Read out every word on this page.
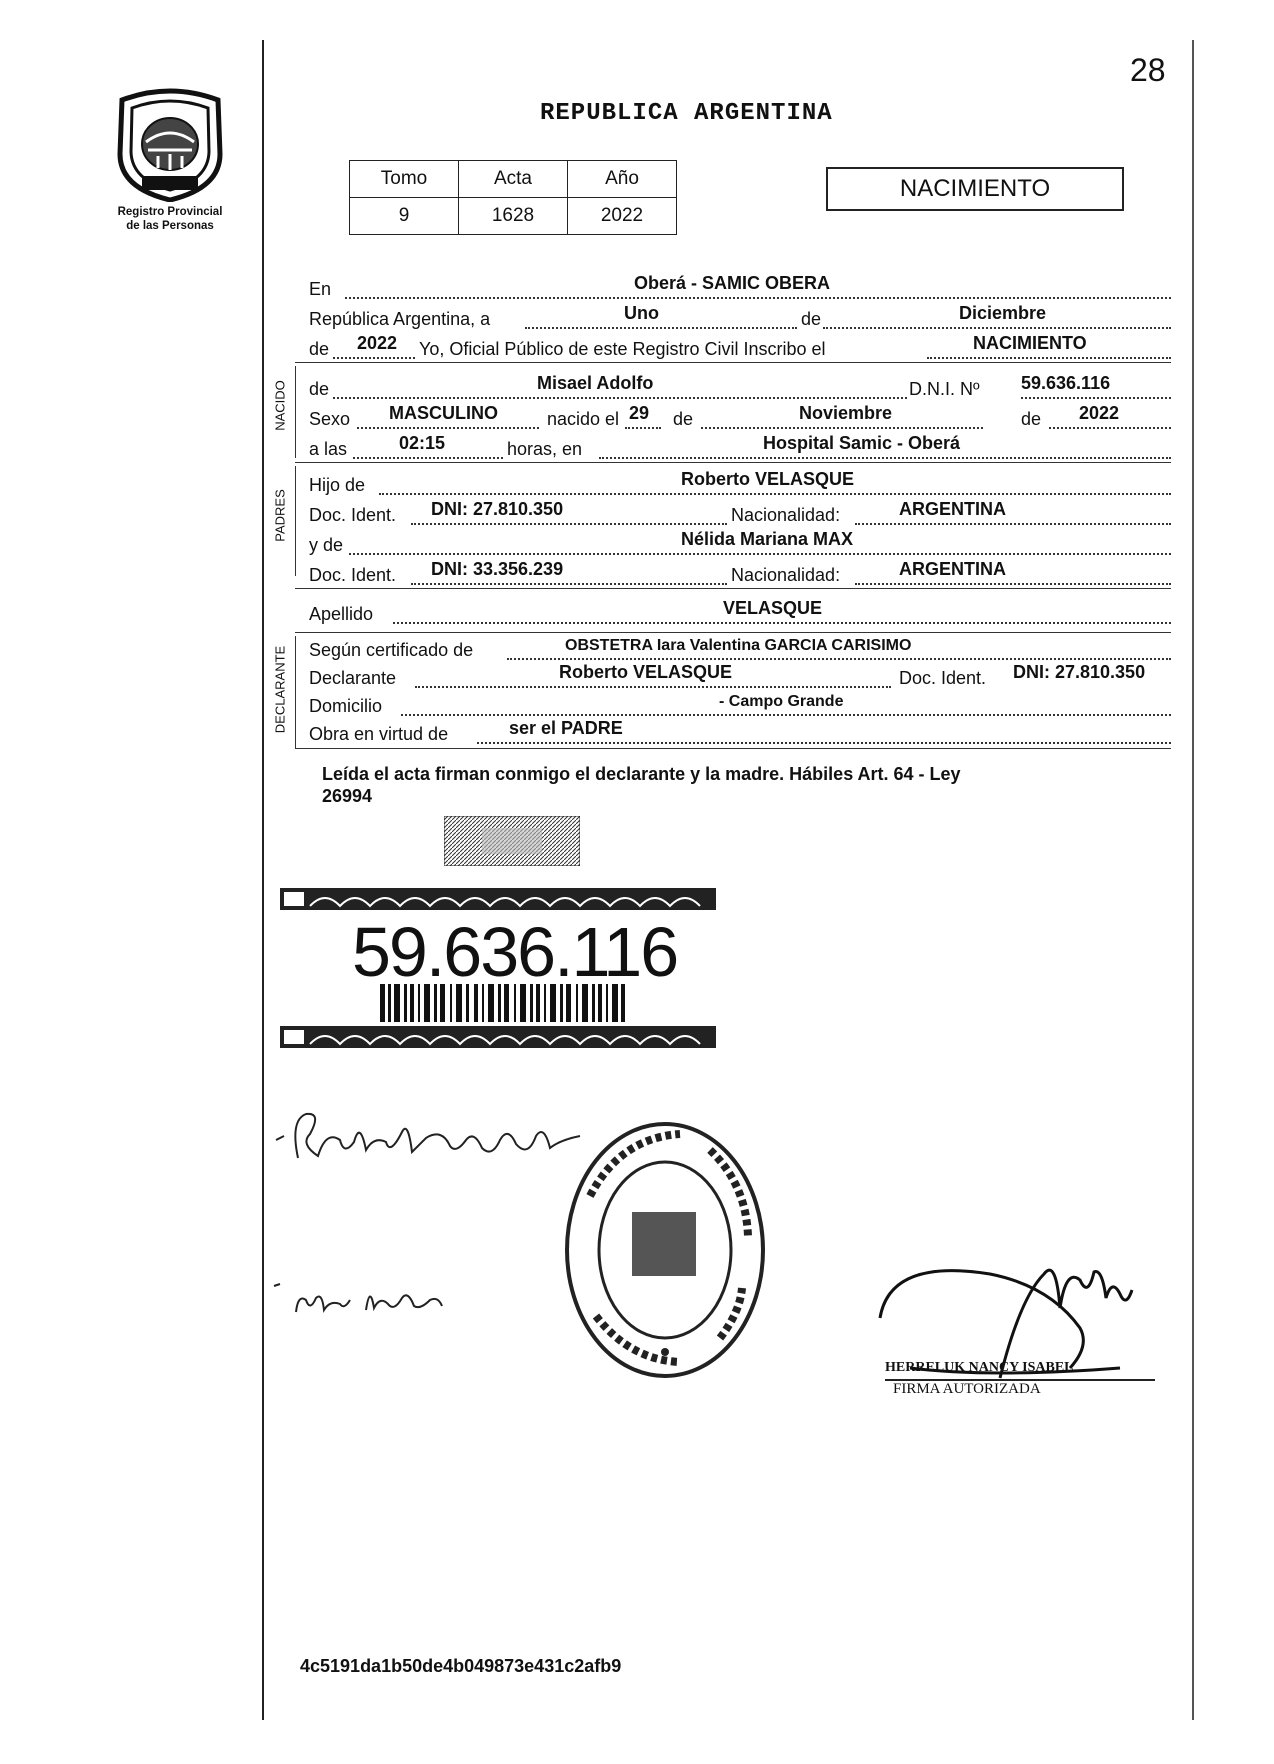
28
Registro Provincial
de las Personas
REPUBLICA ARGENTINA
Tomo	Acta	Año
9	1628	2022
NACIMIENTO
En	Oberá - SAMIC OBERA
República Argentina, a	Uno	de	Diciembre
de 2022 Yo, Oficial Público de este Registro Civil Inscribo el	NACIMIENTO
NACIDO de	Misael Adolfo	D.N.I. Nº 59.636.116
Sexo MASCULINO	nacido el 29 de	Noviembre	de 2022
a las	02:15	horas, en	Hospital Samic - Oberá
PADRES
Hijo de	Roberto VELASQUE
Doc. Ident. DNI: 27.810.350	Nacionalidad:	ARGENTINA
y de	Nélida Mariana MAX
Doc. Ident. DNI: 33.356.239	Nacionalidad:	ARGENTINA
Apellido	VELASQUE
DECLARANTE Según certificado de	OBSTETRA Iara Valentina GARCIA CARISIMO
Declarante	Roberto VELASQUE	Doc. Ident. DNI: 27.810.350
Domicilio	- Campo Grande
Obra en virtud de	ser el PADRE
Leída el acta firman conmigo el declarante y la madre. Hábiles Art. 64 - Ley
26994
59.636.116
HERRELUK NANCY ISABEL
FIRMA AUTORIZADA
4c5191da1b50de4b049873e431c2afb9
